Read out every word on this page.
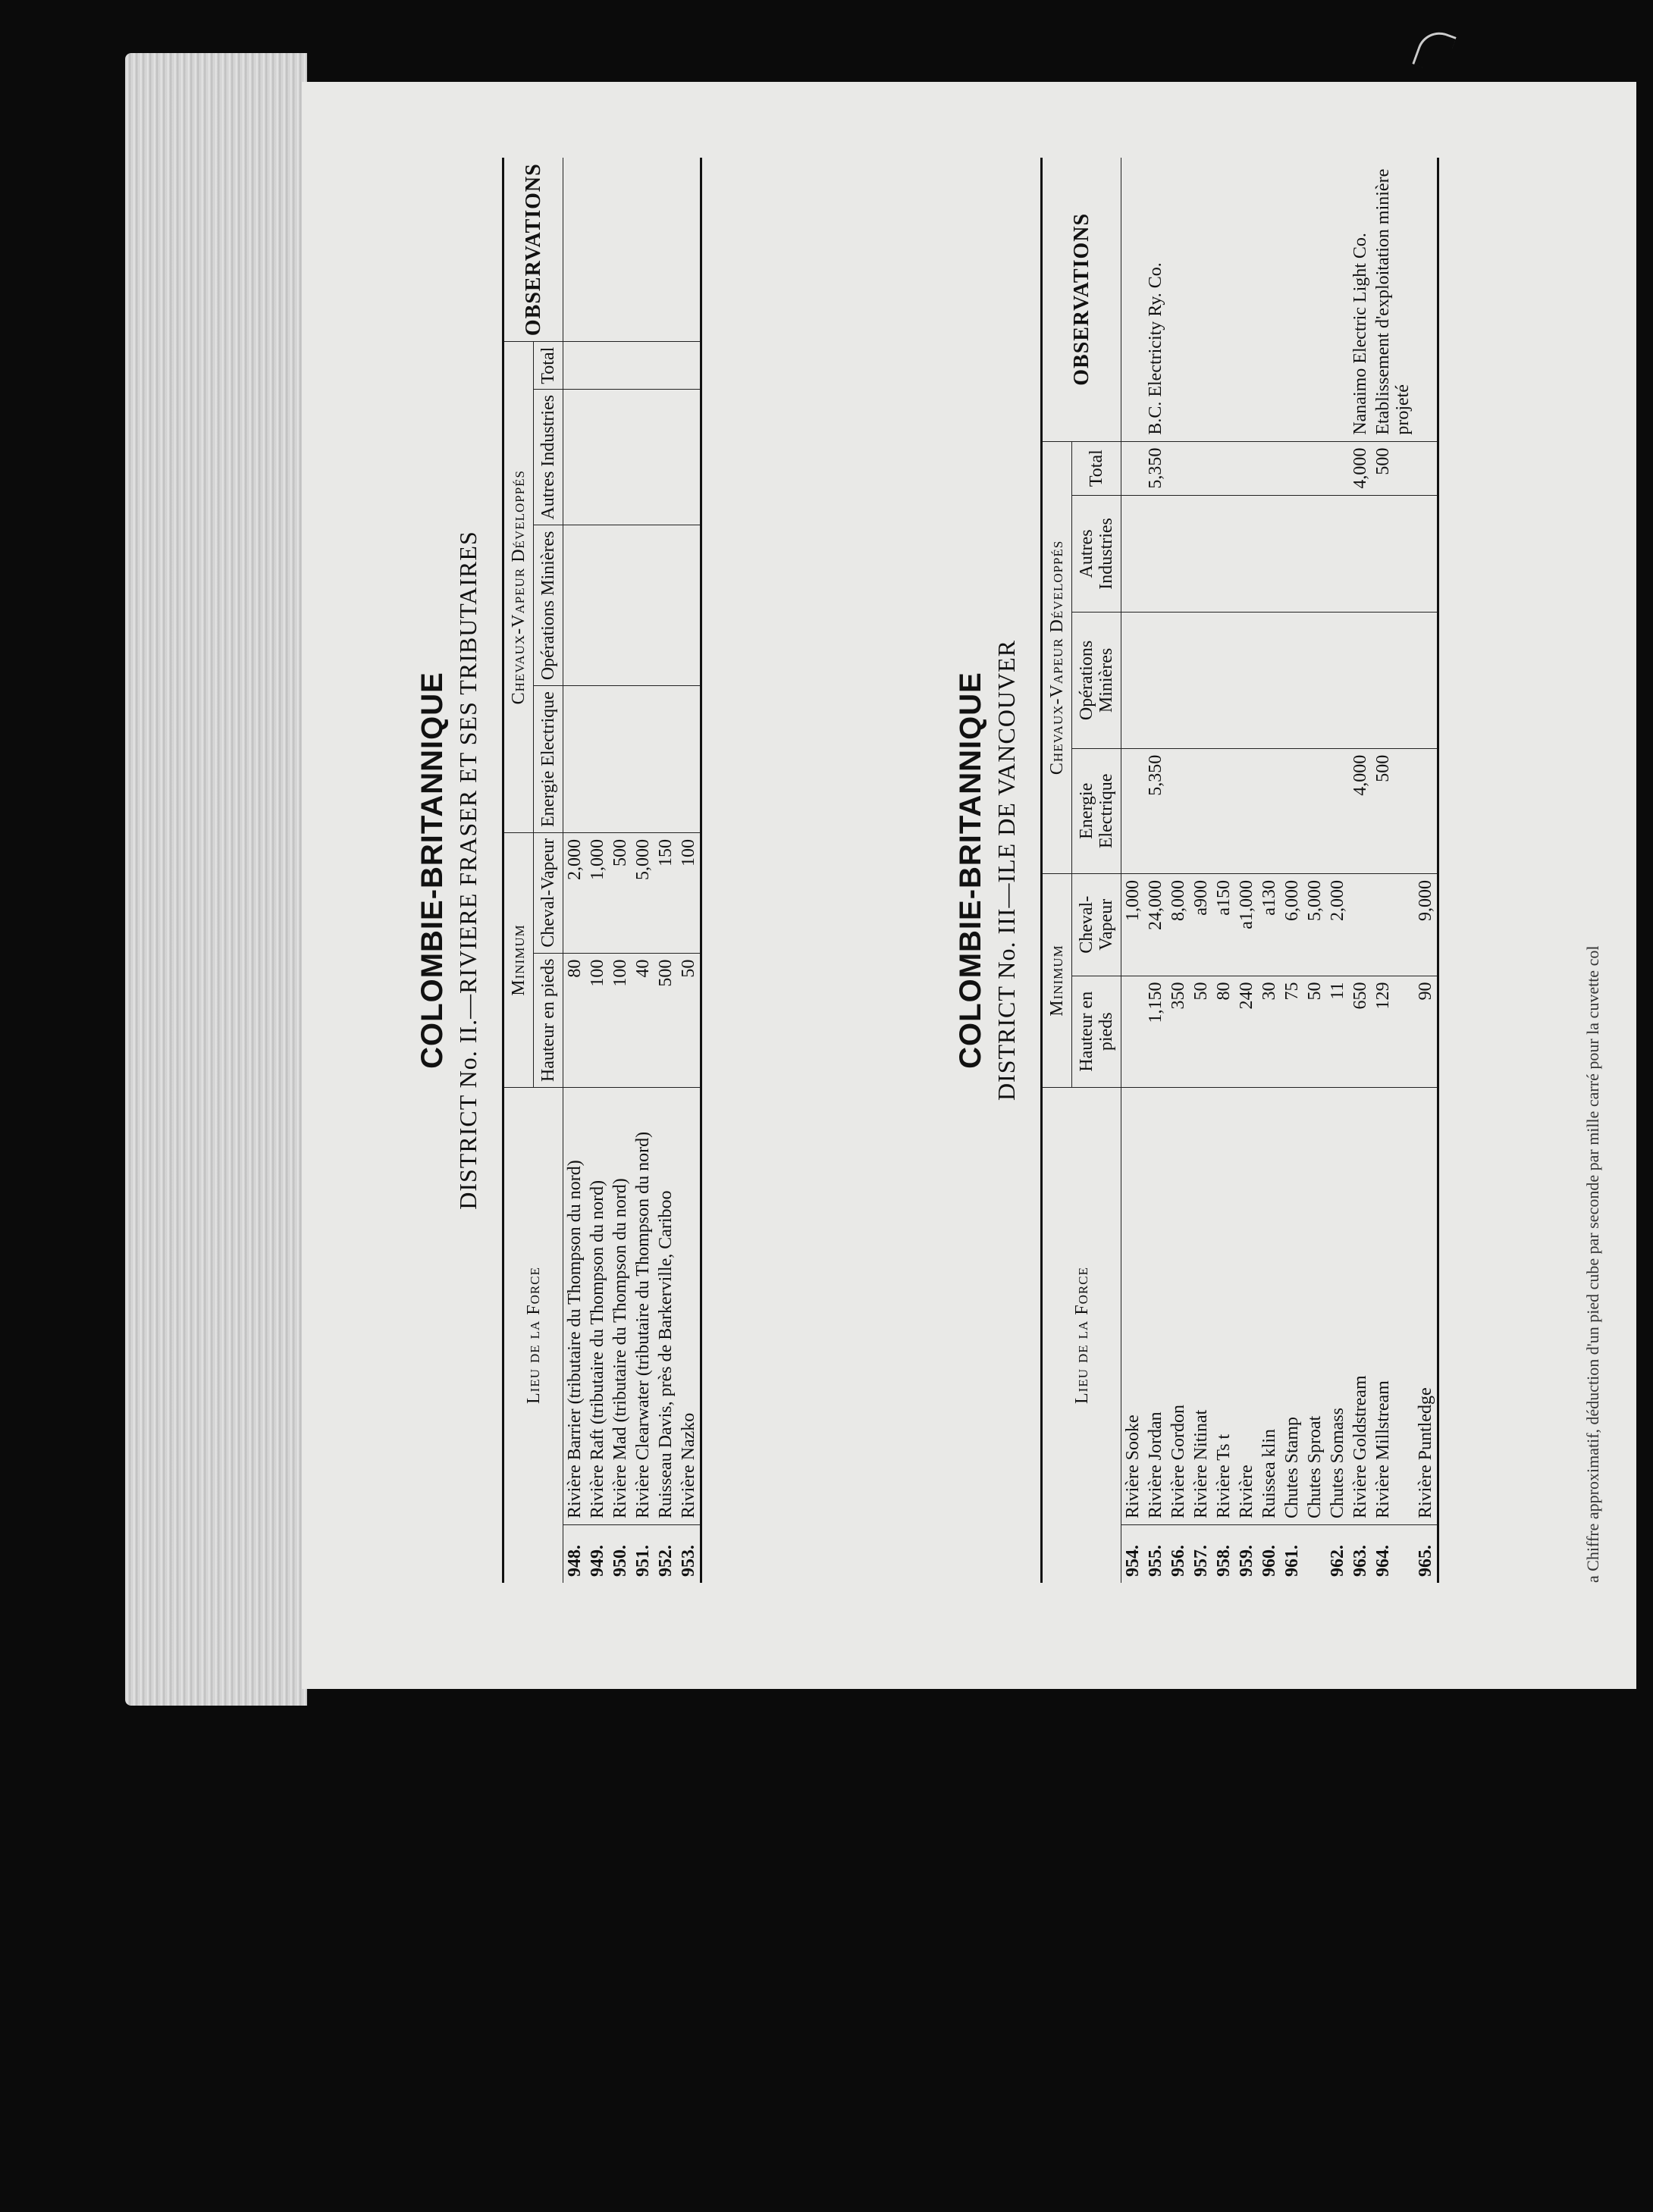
COLOMBIE-BRITANNIQUE DISTRICT No. II.—RIVIERE FRASER ET SES TRIBUTAIRES

Lieu de la Force		Minimum		Chevaux-Vapeur Développés				OBSERVATIONS
		Hauteur en pieds	Cheval-Vapeur	Energie Electrique	Opérations Minières	Autres Industries	Total	
948.	Rivière Barrier (tributaire du Thompson du nord)	80	2,000					
949.	Rivière Raft (tributaire du Thompson du nord)	100	1,000					
950.	Rivière Mad (tributaire du Thompson du nord)	100	500					
951.	Rivière Clearwater (tributaire du Thompson du nord)	40	5,000					
952.	Ruisseau Davis, près de Barkerville, Cariboo	500	150					
953.	Rivière Nazko	50	100						COLOMBIE-BRITANNIQUE DISTRICT No. III—ILE DE VANCOUVER

Lieu de la Force		Minimum		Chevaux-Vapeur Développés				OBSERVATIONS
		Hauteur en pieds	Cheval-Vapeur	Energie Electrique	Opérations Minières	Autres Industries	Total	
954.	Rivière Sooke		1,000					
955.	Rivière Jordan	1,150	24,000	5,350			5,350	B.C. Electricity Ry. Co.
956.	Rivière Gordon	350	8,000					
957.	Rivière Nitinat	50	a900					
958.	Rivière Ts t	80	a150					
959.	Rivière	240	a1,000					
960.	Ruissea klin	30	a130					
961.	Chutes Stamp	75	6,000					
	Chutes Sproat	50	5,000					
962.	Chutes Somass	11	2,000					
963.	Rivière Goldstream	650		4,000			4,000	Nanaimo Electric Light Co.
964.	Rivière Millstream	129		500			500	Etablissement d'exploitation minière projeté
965.	Rivière Puntledge	90	9,000					
a Chiffre approximatif, déduction d'un pied cube par seconde par mille carré pour la cuvette col
